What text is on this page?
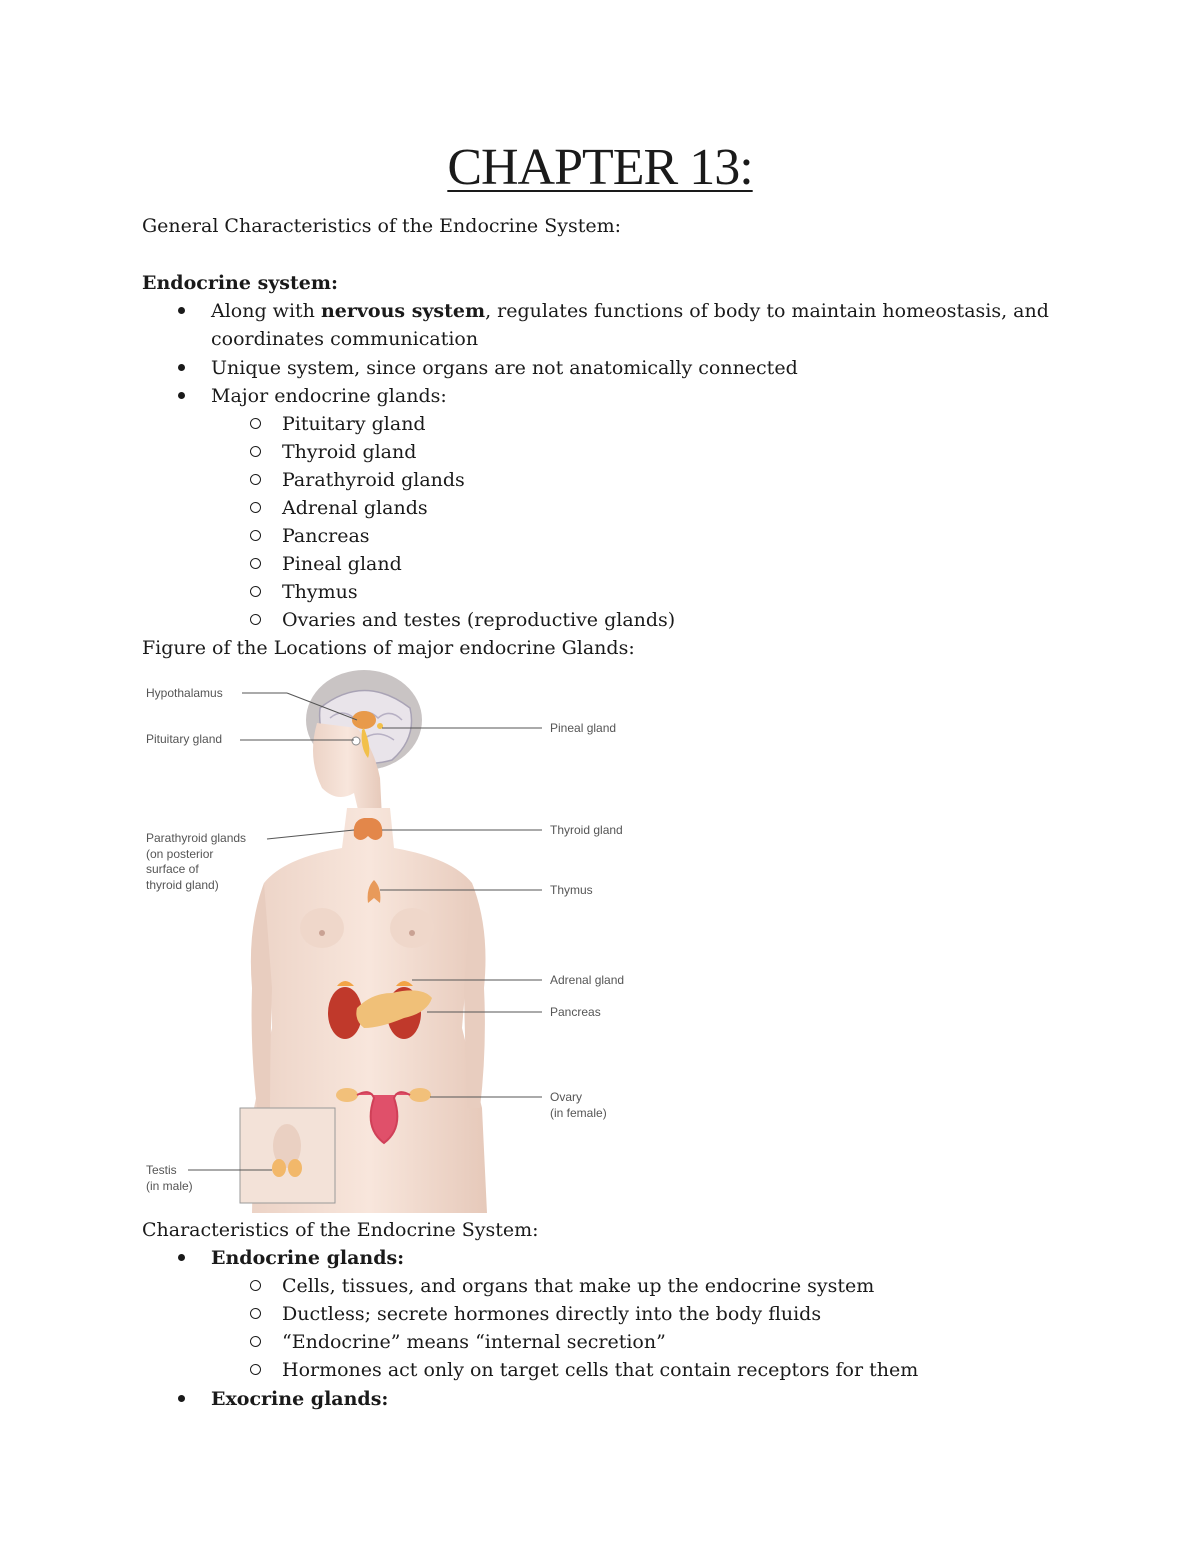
CHAPTER 13:
General Characteristics of the Endocrine System:
Endocrine system:
Along with nervous system, regulates functions of body to maintain homeostasis, and
coordinates communication
Unique system, since organs are not anatomically connected
Major endocrine glands:
Pituitary gland
Thyroid gland
Parathyroid glands
Adrenal glands
Pancreas
Pineal gland
Thymus
Ovaries and testes (reproductive glands)
Figure of the Locations of major endocrine Glands:
Hypothalamus
Pituitary gland
Pineal gland
Parathyroid glands
(on posterior
surface of
thyroid gland)
Thyroid gland
Thymus
Adrenal gland
Pancreas
Ovary
(in female)
Testis
(in male)
Characteristics of the Endocrine System:
Endocrine glands:
Cells, tissues, and organs that make up the endocrine system
Ductless; secrete hormones directly into the body fluids
“Endocrine” means “internal secretion”
Hormones act only on target cells that contain receptors for them
Exocrine glands:
